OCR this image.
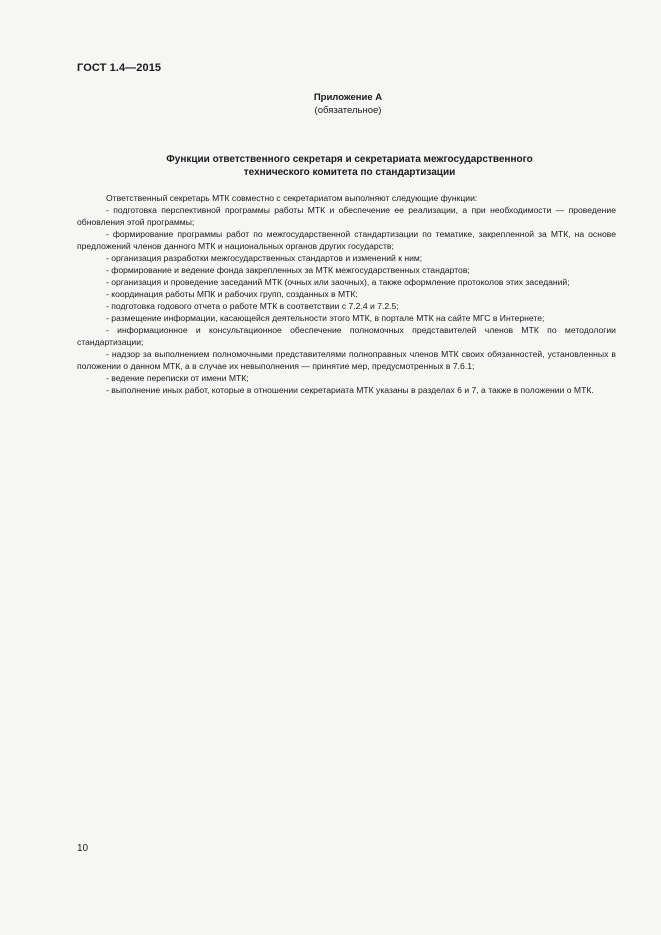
ГОСТ 1.4—2015
Приложение А
(обязательное)
Функции ответственного секретаря и секретариата межгосударственного
технического комитета по стандартизации

Ответственный секретарь МТК совместно с секретариатом выполняют следующие функции:

- подготовка перспективной программы работы МТК и обеспечение ее реализации, а при необходимости — проведение обновления этой программы;

- формирование программы работ по межгосударственной стандартизации по тематике, закрепленной за МТК, на основе предложений членов данного МТК и национальных органов других государств;

- организация разработки межгосударственных стандартов и изменений к ним;

- формирование и ведение фонда закрепленных за МТК межгосударственных стандартов;

- организация и проведение заседаний МТК (очных или заочных), а также оформление протоколов этих заседаний;

- координация работы МПК и рабочих групп, созданных в МТК;

- подготовка годового отчета о работе МТК в соответствии с 7.2.4 и 7.2.5;

- размещение информации, касающейся деятельности этого МТК, в портале МТК на сайте МГС в Интернете;

- информационное и консультационное обеспечение полномочных представителей членов МТК по методологии стандартизации;

- надзор за выполнением полномочными представителями полноправных членов МТК своих обязанностей, установленных в положении о данном МТК, а в случае их невыполнения — принятие мер, предусмотренных в 7.6.1;

- ведение переписки от имени МТК;

- выполнение иных работ, которые в отношении секретариата МТК указаны в разделах 6 и 7, а также в положении о МТК.

10
